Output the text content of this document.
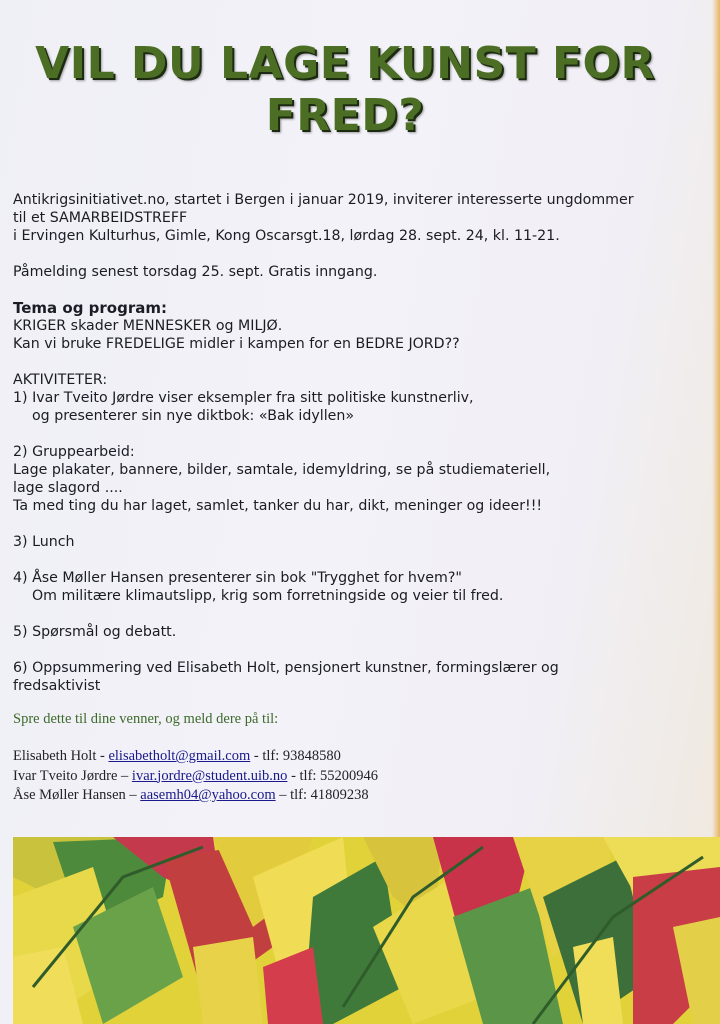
VIL DU LAGE KUNST FOR
FRED?
Antikrigsinitiativet.no, startet i Bergen i januar 2019, inviterer interesserte ungdommer
til et SAMARBEIDSTREFF
i Ervingen Kulturhus, Gimle, Kong Oscarsgt.18, lørdag 28. sept. 24, kl. 11-21.
Påmelding senest torsdag 25. sept. Gratis inngang.
Tema og program:
KRIGER skader MENNESKER og MILJØ.
Kan vi bruke FREDELIGE midler i kampen for en BEDRE JORD??
AKTIVITETER:
1) Ivar Tveito Jørdre viser eksempler fra sitt politiske kunstnerliv,
og presenterer sin nye diktbok: «Bak idyllen»
2) Gruppearbeid:
Lage plakater, bannere, bilder, samtale, idemyldring, se på studiemateriell,
lage slagord ....
Ta med ting du har laget, samlet, tanker du har, dikt, meninger og ideer!!!
3) Lunch
4) Åse Møller Hansen presenterer sin bok "Trygghet for hvem?"
Om militære klimautslipp, krig som forretningside og veier til fred.
5) Spørsmål og debatt.
6) Oppsummering ved Elisabeth Holt, pensjonert kunstner, formingslærer og
fredsaktivist
Spre dette til dine venner, og meld dere på til:
Elisabeth Holt - elisabetholt@gmail.com - tlf: 93848580
Ivar Tveito Jørdre – ivar.jordre@student.uib.no - tlf: 55200946
Åse Møller Hansen – aasemh04@yahoo.com – tlf: 41809238
